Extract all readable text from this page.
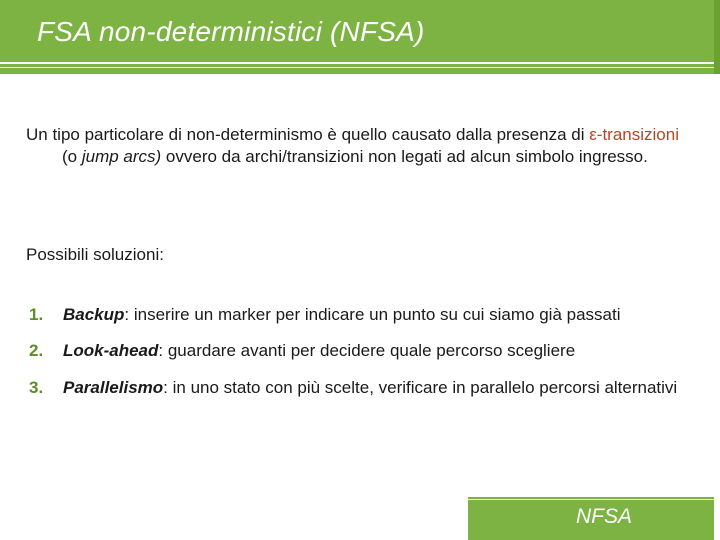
FSA non-deterministici (NFSA)

Un tipo particolare di non-determinismo è quello causato dalla presenza di ε-transizioni (o jump arcs) ovvero da archi/transizioni non legati ad alcun simbolo ingresso.

Possibili soluzioni:

1. Backup: inserire un marker per indicare un punto su cui siamo già passati
2. Look-ahead: guardare avanti per decidere quale percorso scegliere
3. Parallelismo: in uno stato con più scelte, verificare in parallelo percorsi alternativi
NFSA
